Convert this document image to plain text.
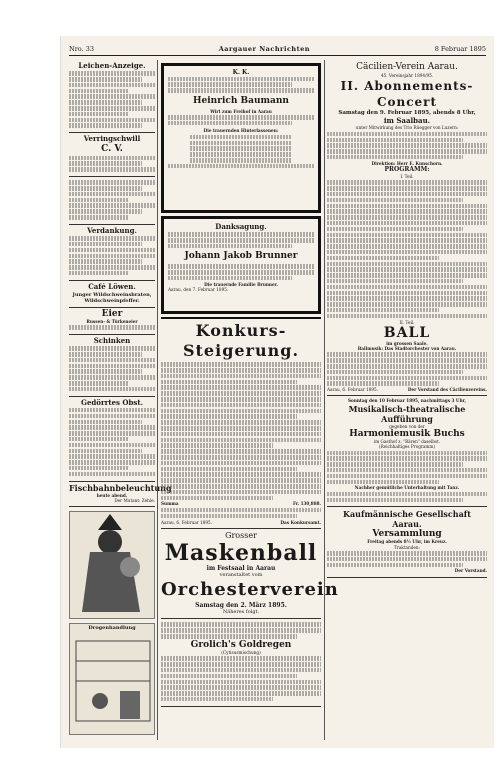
Nro. 33	Aargauer Nachrichten	8 Februar 1895
Leichen-Anzeige.
Verringschwill
C. V.
Verdankung.
Café Löwen.
Junger Wildschweinsbraten, Wildschweinpfeffer.
Eier
Russen- & Türkeneier
Schinken
Gedörrtes Obst.
Fischbahnbeleuchtung
heute abend.
Der Mutant: Zehle.
Drogenhandlung
K. K.
Heinrich Baumann
Wirt zum Freihof in Aarau
Die trauernden Hinterlassenen:
Danksagung.
Johann Jakob Brunner
Die trauernde Familie Brunner.
Aarau, den 7. Februar 1895.
Konkurs-Steigerung.
Summa	Fr. 130,888.
Aarau, 6. Februar 1895.	Das Konkursamt.
Grosser
Maskenball
im Festsaal in Aarau
veranstaltet vom
Orchesterverein
Samstag den 2. März 1895.
Näheres folgt.
Grolich's Goldregen
(Cytisusmischung)
Cäcilien-Verein Aarau.
45. Vereinsjahr 1894/95.
II. Abonnements-Concert
Samstag den 9. Februar 1895, abends 8 Uhr,
im Saalbau.
unter Mitwirkung des Trio Rüegger von Luzern:
Direktion: Herr E. Kunschorn.
PROGRAMM:
I. Teil.
II. Teil.
BALL
im grossen Saale.
Ballmusik: Das Stadtorchester von Aarau.
Aarau, 6. Februar 1895.	Der Vorstand des Cäcilienvereins.
Sonntag den 10 Februar 1895, nachmittags 3 Uhr,
Musikalisch-theatralische Aufführung
gegeben von der
Harmoniemusik Buchs
im Gasthof z. "Bären" daselbst.
(Reichhaltiges Programm)
Nachher gemütliche Unterhaltung mit Tanz.
Kaufmännische Gesellschaft Aarau.
Versammlung
Freitag abends 8½ Uhr, im Kreuz.
Traktanden:
Der Vorstand.
